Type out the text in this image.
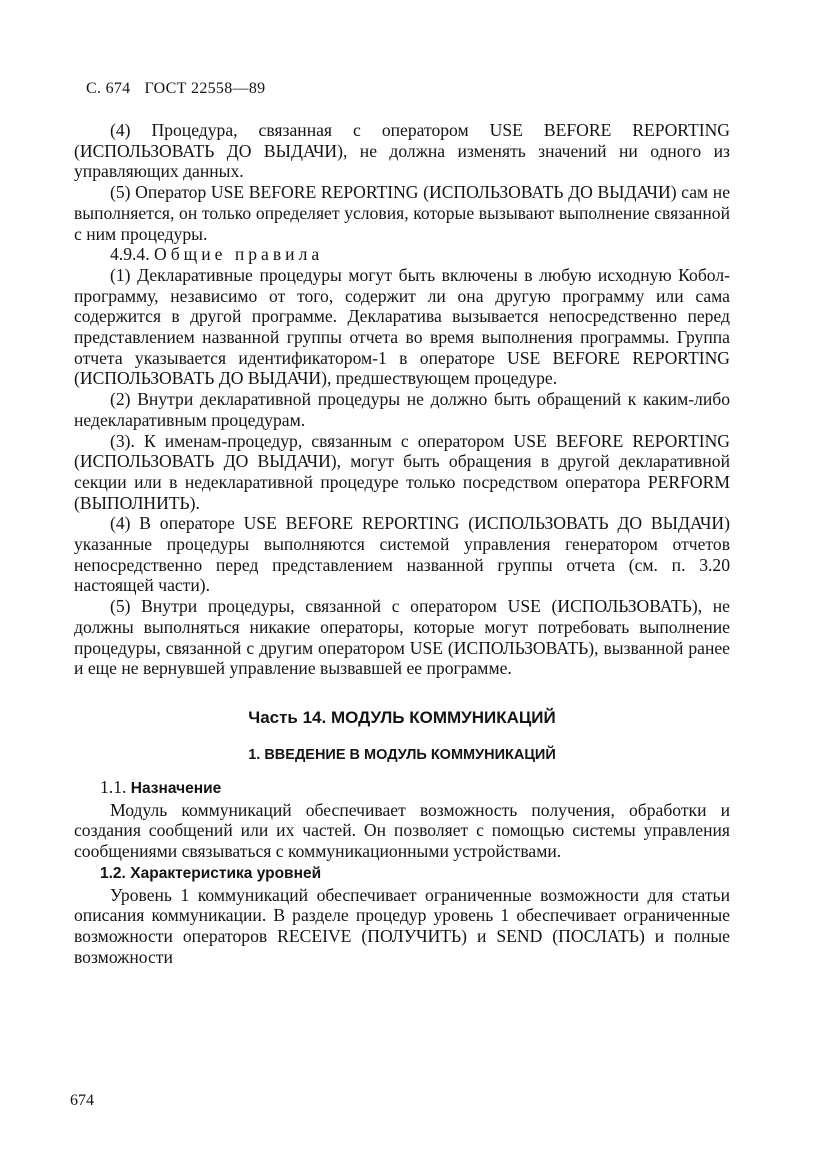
С. 674 ГОСТ 22558—89

(4) Процедура, связанная с оператором USE BEFORE REPORTING (ИСПОЛЬЗОВАТЬ ДО ВЫДАЧИ), не должна изменять значений ни одного из управляющих данных.

(5) Оператор USE BEFORE REPORTING (ИСПОЛЬЗОВАТЬ ДО ВЫДАЧИ) сам не выполняется, он только определяет условия, которые вызывают выполнение связанной с ним процедуры.

4.9.4. Общие правила

(1) Декларативные процедуры могут быть включены в любую исходную Кобол-программу, независимо от того, содержит ли она другую программу или сама содержится в другой программе. Декларатива вызывается непосредственно перед представлением названной группы отчета во время выполнения программы. Группа отчета указывается идентификатором-1 в операторе USE BEFORE REPORTING (ИСПОЛЬЗОВАТЬ ДО ВЫДАЧИ), предшествующем процедуре.

(2) Внутри декларативной процедуры не должно быть обращений к каким-либо недекларативным процедурам.

(3). К именам-процедур, связанным с оператором USE BEFORE REPORTING (ИСПОЛЬЗОВАТЬ ДО ВЫДАЧИ), могут быть обращения в другой декларативной секции или в недекларативной процедуре только посредством оператора PERFORM (ВЫПОЛНИТЬ).

(4) В операторе USE BEFORE REPORTING (ИСПОЛЬЗОВАТЬ ДО ВЫДАЧИ) указанные процедуры выполняются системой управления генератором отчетов непосредственно перед представлением названной группы отчета (см. п. 3.20 настоящей части).

(5) Внутри процедуры, связанной с оператором USE (ИСПОЛЬЗОВАТЬ), не должны выполняться никакие операторы, которые могут потребовать выполнение процедуры, связанной с другим оператором USE (ИСПОЛЬЗОВАТЬ), вызванной ранее и еще не вернувшей управление вызвавшей ее программе.

Часть 14. МОДУЛЬ КОММУНИКАЦИЙ
1. ВВЕДЕНИЕ В МОДУЛЬ КОММУНИКАЦИЙ

1.1. Назначение

Модуль коммуникаций обеспечивает возможность получения, обработки и создания сообщений или их частей. Он позволяет с помощью системы управления сообщениями связываться с коммуникационными устройствами.

1.2. Характеристика уровней

Уровень 1 коммуникаций обеспечивает ограниченные возможности для статьи описания коммуникации. В разделе процедур уровень 1 обеспечивает ограниченные возможности операторов RECEIVE (ПОЛУЧИТЬ) и SEND (ПОСЛАТЬ) и полные возможности

674
